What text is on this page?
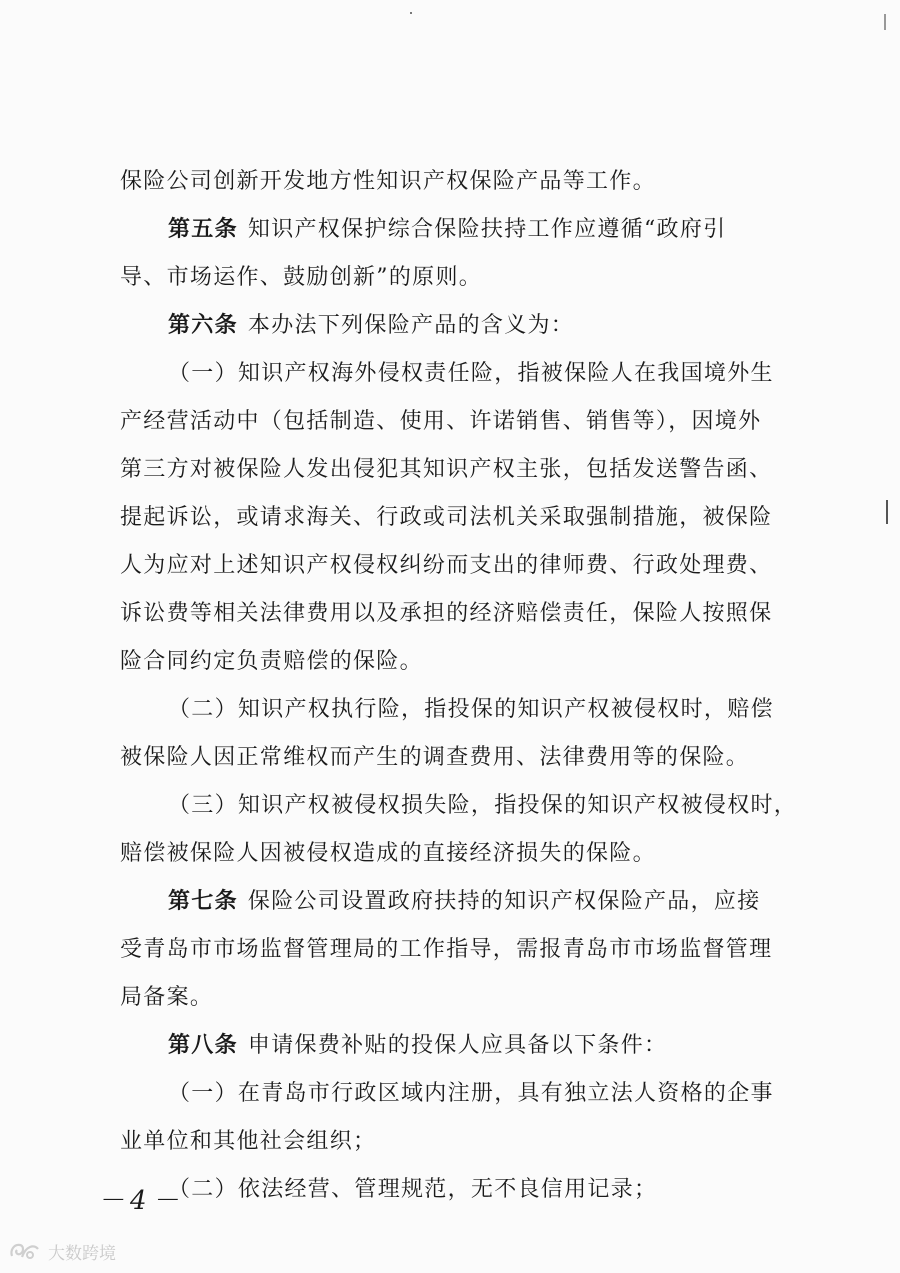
保险公司创新开发地方性知识产权保险产品等工作。
第五条 知识产权保护综合保险扶持工作应遵循“政府引
导、市场运作、鼓励创新”的原则。
第六条 本办法下列保险产品的含义为：
（一）知识产权海外侵权责任险，指被保险人在我国境外生
产经营活动中（包括制造、使用、许诺销售、销售等），因境外
第三方对被保险人发出侵犯其知识产权主张，包括发送警告函、
提起诉讼，或请求海关、行政或司法机关采取强制措施，被保险
人为应对上述知识产权侵权纠纷而支出的律师费、行政处理费、
诉讼费等相关法律费用以及承担的经济赔偿责任，保险人按照保
险合同约定负责赔偿的保险。
（二）知识产权执行险，指投保的知识产权被侵权时，赔偿
被保险人因正常维权而产生的调查费用、法律费用等的保险。
（三）知识产权被侵权损失险，指投保的知识产权被侵权时，
赔偿被保险人因被侵权造成的直接经济损失的保险。
第七条 保险公司设置政府扶持的知识产权保险产品，应接
受青岛市市场监督管理局的工作指导，需报青岛市市场监督管理
局备案。
第八条 申请保费补贴的投保人应具备以下条件：
（一）在青岛市行政区域内注册，具有独立法人资格的企事
业单位和其他社会组织；
（二）依法经营、管理规范，无不良信用记录；
－4－
大数跨境
